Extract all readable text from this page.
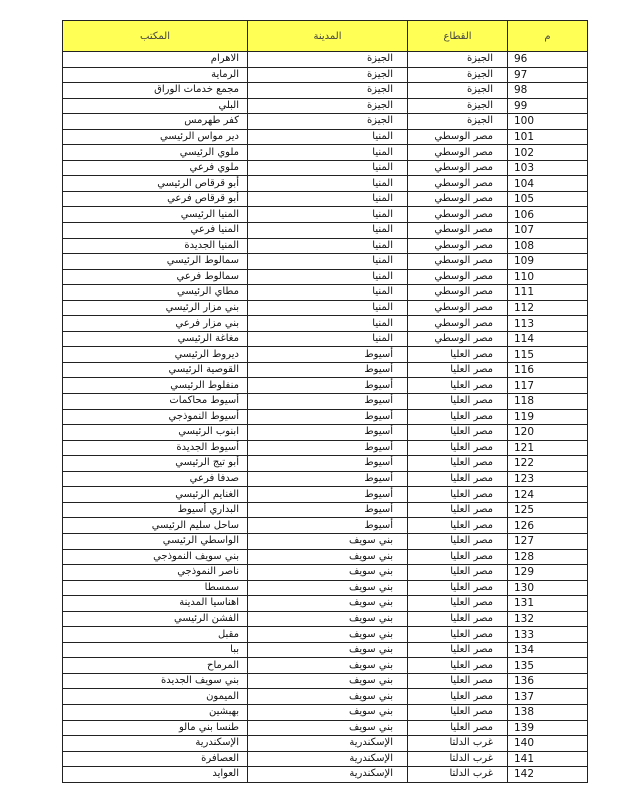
م	القطاع	المدينة	المكتب
96	الجيزة	الجيزة	الاهرام
97	الجيزة	الجيزة	الرماية
98	الجيزة	الجيزة	مجمع خدمات الوراق
99	الجيزة	الجيزة	البلي
100	الجيزة	الجيزة	كفر طهرمس
101	مصر الوسطي	المنيا	دير مواس الرئيسي
102	مصر الوسطي	المنيا	ملوي الرئيسي
103	مصر الوسطي	المنيا	ملوي فرعي
104	مصر الوسطي	المنيا	أبو قرقاص الرئيسي
105	مصر الوسطي	المنيا	أبو قرقاص فرعي
106	مصر الوسطي	المنيا	المنيا الرئيسي
107	مصر الوسطي	المنيا	المنيا فرعي
108	مصر الوسطي	المنيا	المنيا الجديدة
109	مصر الوسطي	المنيا	سمالوط الرئيسي
110	مصر الوسطي	المنيا	سمالوط فرعي
111	مصر الوسطي	المنيا	مطاي الرئيسي
112	مصر الوسطي	المنيا	بني مزار الرئيسي
113	مصر الوسطي	المنيا	بني مزار فرعي
114	مصر الوسطي	المنيا	مغاغة الرئيسي
115	مصر العليا	أسيوط	ديروط الرئيسي
116	مصر العليا	أسيوط	القوصية الرئيسي
117	مصر العليا	أسيوط	منفلوط الرئيسي
118	مصر العليا	أسيوط	أسيوط محاكمات
119	مصر العليا	أسيوط	أسيوط النموذجي
120	مصر العليا	أسيوط	ابنوب الرئيسي
121	مصر العليا	أسيوط	أسيوط الجديدة
122	مصر العليا	أسيوط	أبو تيج الرئيسي
123	مصر العليا	أسيوط	صدفا فرعي
124	مصر العليا	أسيوط	الغنايم الرئيسي
125	مصر العليا	أسيوط	البداري أسيوط
126	مصر العليا	أسيوط	ساحل سليم الرئيسي
127	مصر العليا	بني سويف	الواسطي الرئيسي
128	مصر العليا	بني سويف	بني سويف النموذجي
129	مصر العليا	بني سويف	ناصر النموذجي
130	مصر العليا	بني سويف	سمسطا
131	مصر العليا	بني سويف	اهناسيا المدينة
132	مصر العليا	بني سويف	الفشن الرئيسي
133	مصر العليا	بني سويف	مقبل
134	مصر العليا	بني سويف	ببا
135	مصر العليا	بني سويف	المرماح
136	مصر العليا	بني سويف	بني سويف الجديدة
137	مصر العليا	بني سويف	الميمون
138	مصر العليا	بني سويف	بهبشين
139	مصر العليا	بني سويف	طنسا بني مالو
140	غرب الدلتا	الإسكندرية	الإسكندرية
141	غرب الدلتا	الإسكندرية	العصافرة
142	غرب الدلتا	الإسكندرية	العوايد
